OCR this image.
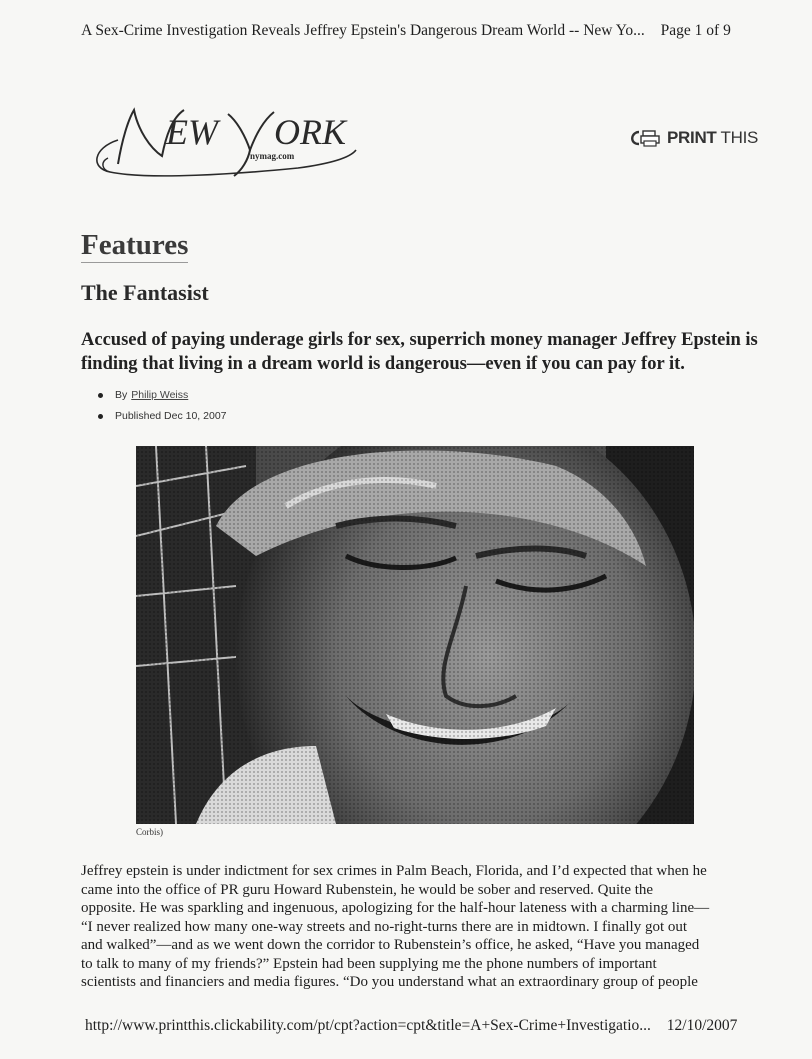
A Sex-Crime Investigation Reveals Jeffrey Epstein's Dangerous Dream World -- New Yo... Page 1 of 9
EW ORK
nymag.com
PRINT THIS
Features
The Fantasist
Accused of paying underage girls for sex, superrich money manager Jeffrey Epstein is
finding that living in a dream world is dangerous—even if you can pay for it.
By Philip Weiss
Published Dec 10, 2007
Corbis)
Jeffrey epstein is under indictment for sex crimes in Palm Beach, Florida, and I’d expected that when he
came into the office of PR guru Howard Rubenstein, he would be sober and reserved. Quite the
opposite. He was sparkling and ingenuous, apologizing for the half-hour lateness with a charming line—
“I never realized how many one-way streets and no-right-turns there are in midtown. I finally got out
and walked”—and as we went down the corridor to Rubenstein’s office, he asked, “Have you managed
to talk to many of my friends?” Epstein had been supplying me the phone numbers of important
scientists and financiers and media figures. “Do you understand what an extraordinary group of people
http://www.printthis.clickability.com/pt/cpt?action=cpt&title=A+Sex-Crime+Investigatio... 12/10/2007
